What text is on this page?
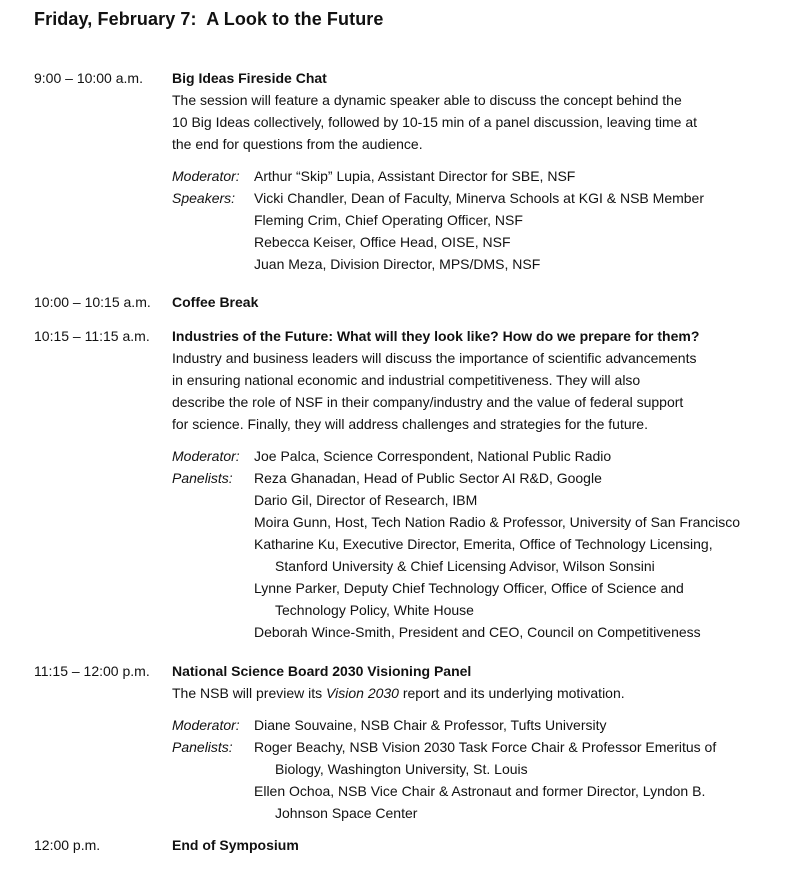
Friday, February 7: A Look to the Future
9:00 – 10:00 a.m. Big Ideas Fireside Chat
The session will feature a dynamic speaker able to discuss the concept behind the
10 Big Ideas collectively, followed by 10-15 min of a panel discussion, leaving time at
the end for questions from the audience.
Moderator: Arthur “Skip” Lupia, Assistant Director for SBE, NSF
Speakers: Vicki Chandler, Dean of Faculty, Minerva Schools at KGI & NSB Member
Fleming Crim, Chief Operating Officer, NSF
Rebecca Keiser, Office Head, OISE, NSF
Juan Meza, Division Director, MPS/DMS, NSF
10:00 – 10:15 a.m. Coffee Break
10:15 – 11:15 a.m. Industries of the Future: What will they look like? How do we prepare for them?
Industry and business leaders will discuss the importance of scientific advancements
in ensuring national economic and industrial competitiveness. They will also
describe the role of NSF in their company/industry and the value of federal support
for science. Finally, they will address challenges and strategies for the future.
Moderator: Joe Palca, Science Correspondent, National Public Radio
Panelists: Reza Ghanadan, Head of Public Sector AI R&D, Google
Dario Gil, Director of Research, IBM
Moira Gunn, Host, Tech Nation Radio & Professor, University of San Francisco
Katharine Ku, Executive Director, Emerita, Office of Technology Licensing,
Stanford University & Chief Licensing Advisor, Wilson Sonsini
Lynne Parker, Deputy Chief Technology Officer, Office of Science and
Technology Policy, White House
Deborah Wince-Smith, President and CEO, Council on Competitiveness
11:15 – 12:00 p.m. National Science Board 2030 Visioning Panel
The NSB will preview its Vision 2030 report and its underlying motivation.
Moderator: Diane Souvaine, NSB Chair & Professor, Tufts University
Panelists: Roger Beachy, NSB Vision 2030 Task Force Chair & Professor Emeritus of
Biology, Washington University, St. Louis
Ellen Ochoa, NSB Vice Chair & Astronaut and former Director, Lyndon B.
Johnson Space Center
12:00 p.m.	End of Symposium
